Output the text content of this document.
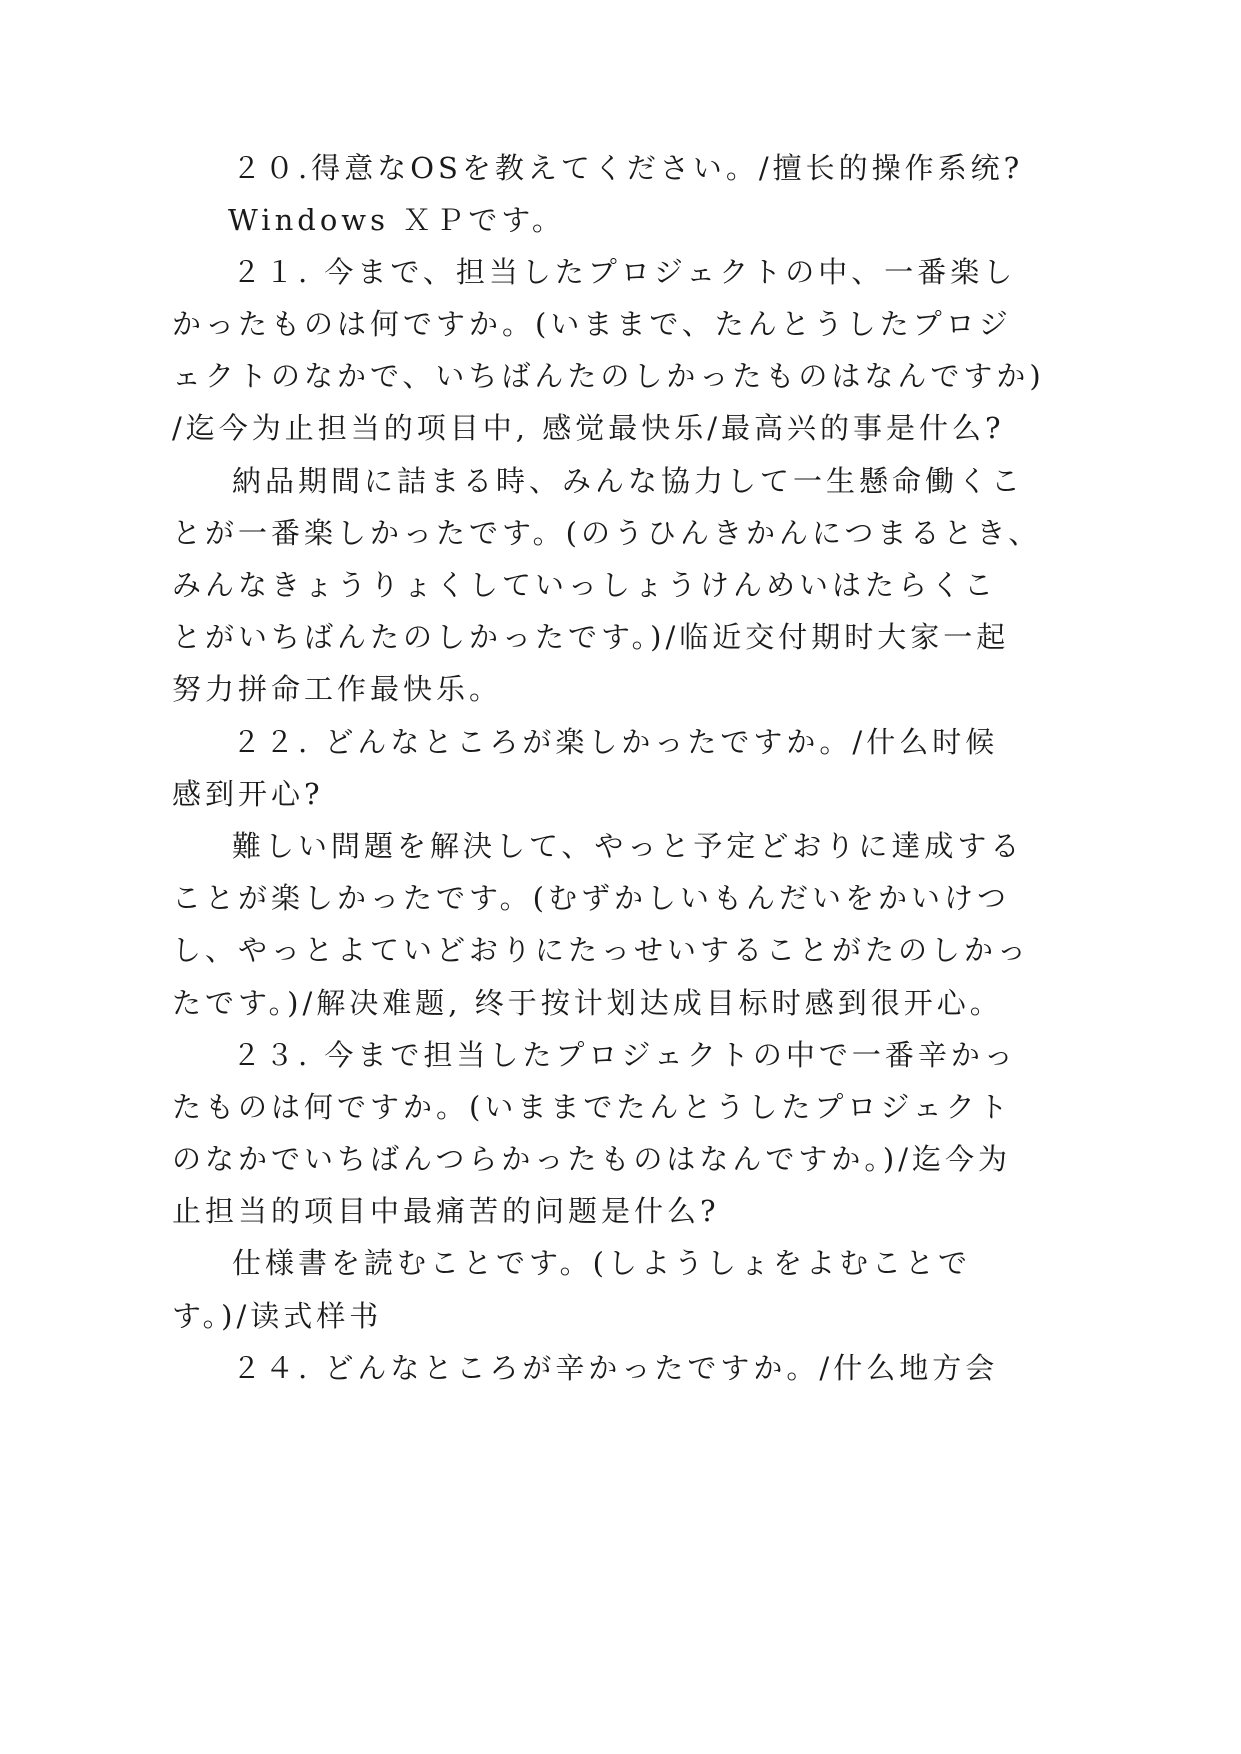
２０.得意なOSを教えてください。/擅长的操作系统?
Windows ＸＰです。
２１. 今まで、担当したプロジェクトの中、一番楽し
かったものは何ですか。(いままで、たんとうしたプロジ
ェクトのなかで、いちばんたのしかったものはなんですか)
/迄今为止担当的项目中, 感觉最快乐/最高兴的事是什么?
納品期間に詰まる時、みんな協力して一生懸命働くこ
とが一番楽しかったです。(のうひんきかんにつまるとき、
みんなきょうりょくしていっしょうけんめいはたらくこ
とがいちばんたのしかったです。)/临近交付期时大家一起
努力拼命工作最快乐。
２２. どんなところが楽しかったですか。/什么时候
感到开心?
難しい問題を解決して、やっと予定どおりに達成する
ことが楽しかったです。(むずかしいもんだいをかいけつ
し、やっとよていどおりにたっせいすることがたのしかっ
たです。)/解决难题, 终于按计划达成目标时感到很开心。
２３. 今まで担当したプロジェクトの中で一番辛かっ
たものは何ですか。(いままでたんとうしたプロジェクト
のなかでいちばんつらかったものはなんですか。)/迄今为
止担当的项目中最痛苦的问题是什么?
仕様書を読むことです。(しようしょをよむことで
す。)/读式样书
２４. どんなところが辛かったですか。/什么地方会
